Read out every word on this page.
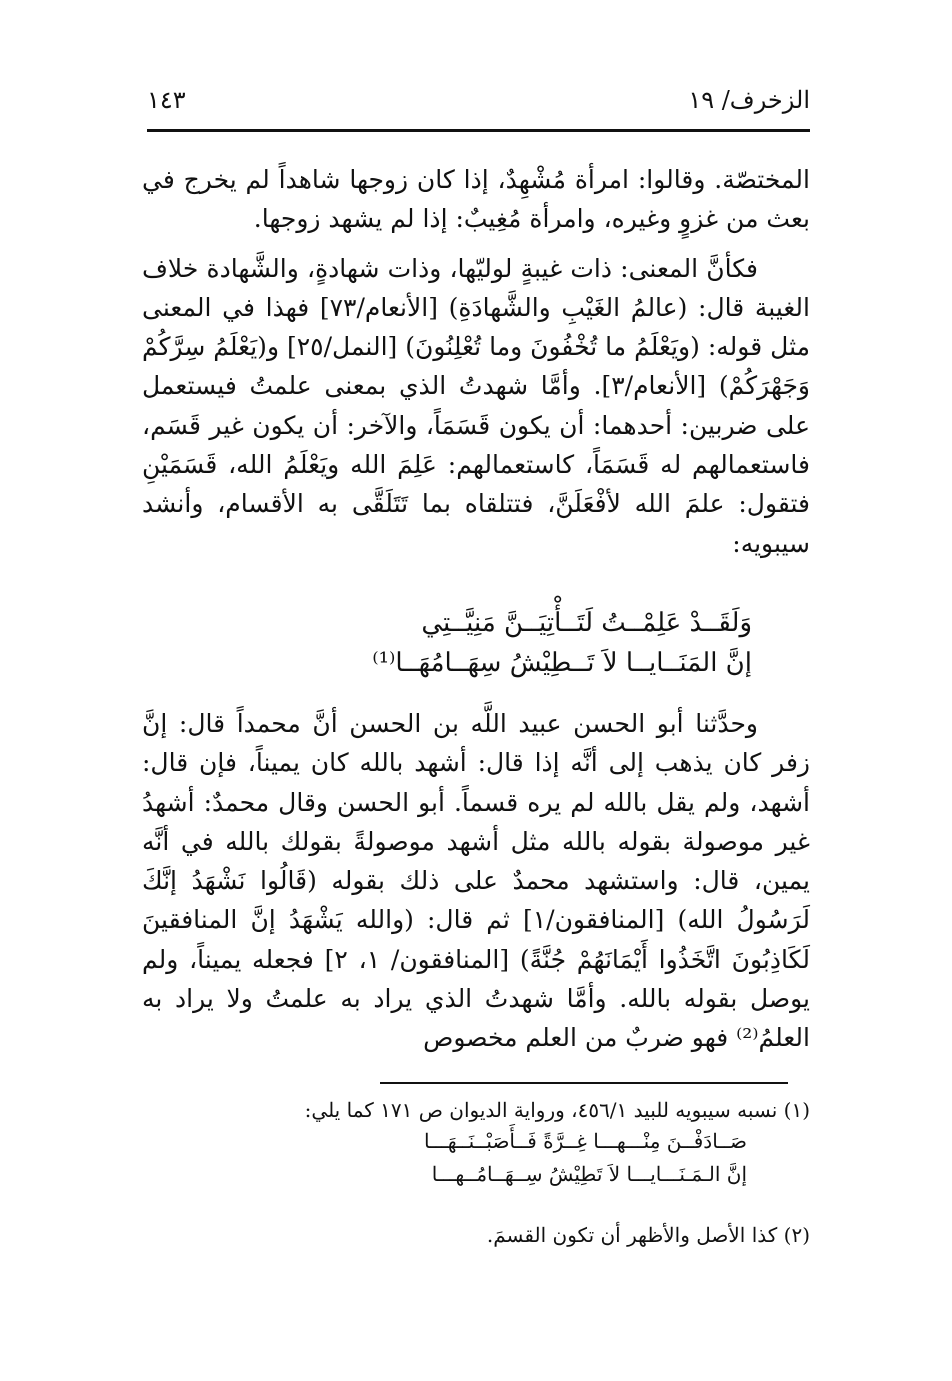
الزخرف/ ١٩
١٤٣

المختصّة. وقالوا: امرأة مُشْهِدٌ، إذا كان زوجها شاهداً لم يخرج في بعث من غزوٍ وغيره، وامرأة مُغِيبٌ: إذا لم يشهد زوجها.

فكأنَّ المعنى: ذات غيبةٍ لوليّها، وذات شهادةٍ، والشَّهادة خلاف الغيبة قال: (عالمُ الغَيْبِ والشَّهادَةِ) [الأنعام/٧٣] فهذا في المعنى مثل قوله: (ويَعْلَمُ ما تُخْفُونَ وما تُعْلِنُونَ) [النمل/٢٥] و(يَعْلَمُ سِرَّكُمْ وَجَهْرَكُمْ) [الأنعام/٣]. وأمَّا شهدتُ الذي بمعنى علمتُ فيستعمل على ضربين: أحدهما: أن يكون قَسَمَاً، والآخر: أن يكون غير قَسَم، فاستعمالهم له قَسَمَاً، كاستعمالهم: عَلِمَ الله ويَعْلَمُ الله، قَسَمَيْنِ فتقول: علمَ الله لأفْعَلَنَّ، فتتلقاه بما تَتَلَقَّى به الأقسام، وأنشد سيبويه:

وَلَقَــدْ عَلِمْــتُ لَتَــأْتِيَــنَّ مَنِيَّــتِي
إنَّ المَنَــايــا لاَ تَــطِيْشُ سِهَــامُهَــا⁽¹⁾

وحدَّثنا أبو الحسن عبيد اللَّه بن الحسن أنَّ محمداً قال: إنَّ زفر كان يذهب إلى أنَّه إذا قال: أشهد بالله كان يميناً، فإن قال: أشهد، ولم يقل بالله لم يره قسماً. أبو الحسن وقال محمدٌ: أشهدُ غير موصولة بقوله بالله مثل أشهد موصولةً بقولك بالله في أنَّه يمين، قال: واستشهد محمدٌ على ذلك بقوله (قَالُوا نَشْهَدُ إنَّكَ لَرَسُولُ الله) [المنافقون/١] ثم قال: (والله يَشْهَدُ إنَّ المنافقينَ لَكَاذِبُونَ اتَّخَذُوا أَيْمَانَهُمْ جُنَّةً) [المنافقون/ ١، ٢] فجعله يميناً، ولم يوصل بقوله بالله. وأمَّا شهدتُ الذي يراد به علمتُ ولا يراد به العلمُ⁽²⁾ فهو ضربٌ من العلم مخصوص

(١) نسبه سيبويه للبيد ٤٥٦/١، ورواية الديوان ص ١٧١ كما يلي:
صَــادَفْــنَ مِنْـــهـــا غِــرَّةً فَــأَصَبْــنَــهَـــا
إنَّ الـمَـنَـــايـــا لاَ تَطِيْشُ سِــهَــامُــهـــا
(٢) كذا الأصل والأظهر أن تكون القسمَ.
